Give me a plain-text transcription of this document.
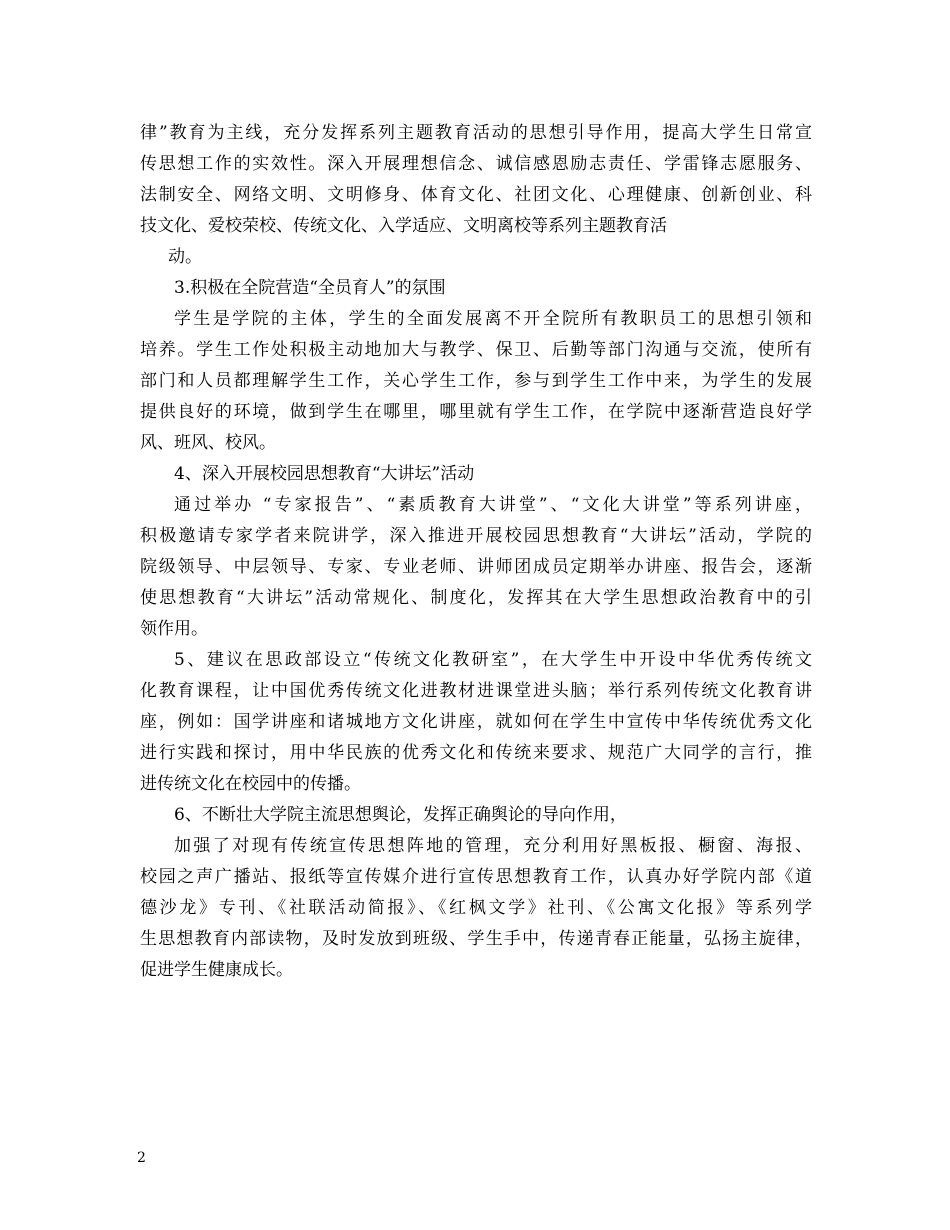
律”教育为主线，充分发挥系列主题教育活动的思想引导作用，提高大学生日常宣
传思想工作的实效性。深入开展理想信念、诚信感恩励志责任、学雷锋志愿服务、
法制安全、网络文明、文明修身、体育文化、社团文化、心理健康、创新创业、科
技文化、爱校荣校、传统文化、入学适应、文明离校等系列主题教育活
动。
3.积极在全院营造“全员育人”的氛围
学生是学院的主体，学生的全面发展离不开全院所有教职员工的思想引领和
培养。学生工作处积极主动地加大与教学、保卫、后勤等部门沟通与交流，使所有
部门和人员都理解学生工作，关心学生工作，参与到学生工作中来，为学生的发展
提供良好的环境，做到学生在哪里，哪里就有学生工作，在学院中逐渐营造良好学
风、班风、校风。
4、深入开展校园思想教育“大讲坛”活动
通过举办 “专家报告”、“素质教育大讲堂”、“文化大讲堂”等系列讲座，
积极邀请专家学者来院讲学，深入推进开展校园思想教育“大讲坛”活动，学院的
院级领导、中层领导、专家、专业老师、讲师团成员定期举办讲座、报告会，逐渐
使思想教育“大讲坛”活动常规化、制度化，发挥其在大学生思想政治教育中的引
领作用。
5、建议在思政部设立“传统文化教研室”，在大学生中开设中华优秀传统文
化教育课程，让中国优秀传统文化进教材进课堂进头脑；举行系列传统文化教育讲
座，例如：国学讲座和诸城地方文化讲座，就如何在学生中宣传中华传统优秀文化
进行实践和探讨，用中华民族的优秀文化和传统来要求、规范广大同学的言行，推
进传统文化在校园中的传播。
6、不断壮大学院主流思想舆论，发挥正确舆论的导向作用，
加强了对现有传统宣传思想阵地的管理，充分利用好黑板报、橱窗、海报、
校园之声广播站、报纸等宣传媒介进行宣传思想教育工作，认真办好学院内部《道
德沙龙》专刊、《社联活动简报》、《红枫文学》社刊、《公寓文化报》等系列学
生思想教育内部读物，及时发放到班级、学生手中，传递青春正能量，弘扬主旋律，
促进学生健康成长。
2
